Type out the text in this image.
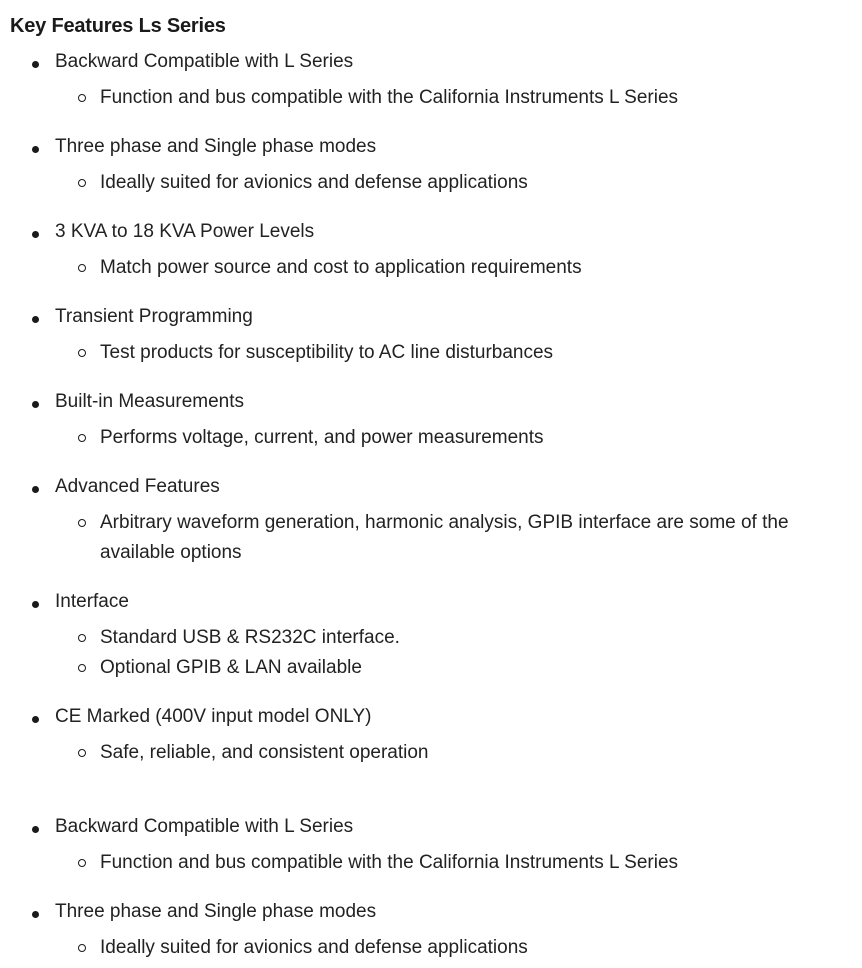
Key Features Ls Series
Backward Compatible with L Series
Function and bus compatible with the California Instruments L Series
Three phase and Single phase modes
Ideally suited for avionics and defense applications
3 KVA to 18 KVA Power Levels
Match power source and cost to application requirements
Transient Programming
Test products for susceptibility to AC line disturbances
Built-in Measurements
Performs voltage, current, and power measurements
Advanced Features
Arbitrary waveform generation, harmonic analysis, GPIB interface are some of the available options
Interface
Standard USB & RS232C interface.
Optional GPIB & LAN available
CE Marked (400V input model ONLY)
Safe, reliable, and consistent operation
Backward Compatible with L Series
Function and bus compatible with the California Instruments L Series
Three phase and Single phase modes
Ideally suited for avionics and defense applications
